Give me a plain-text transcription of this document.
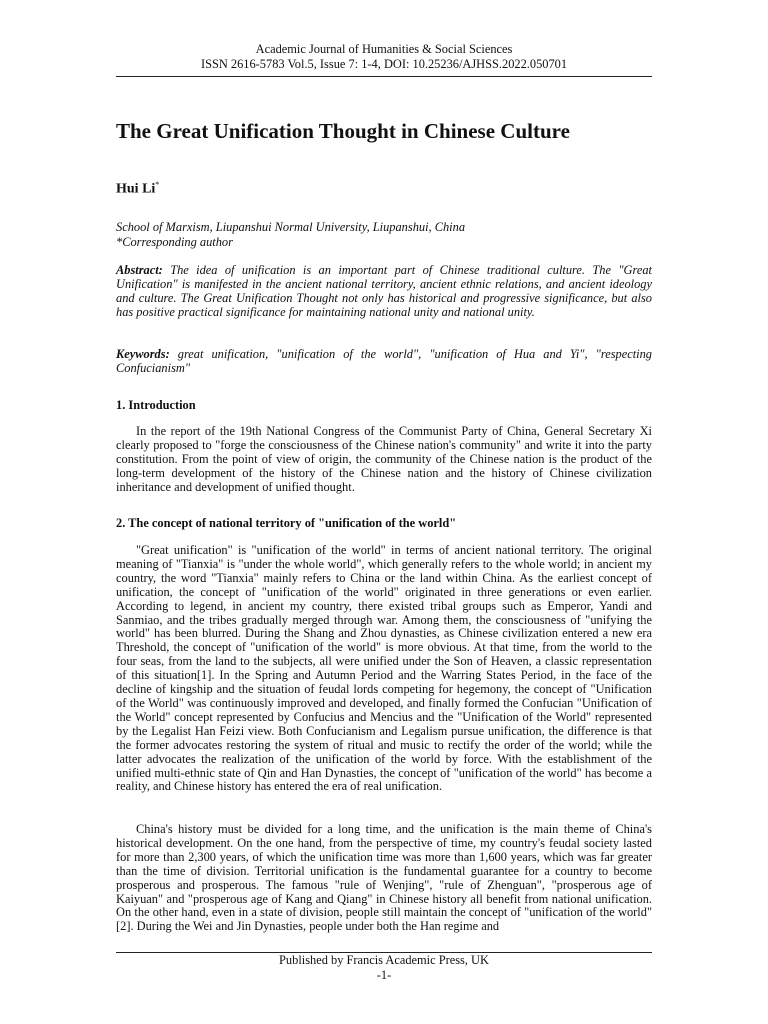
Academic Journal of Humanities & Social Sciences
ISSN 2616-5783 Vol.5, Issue 7: 1-4, DOI: 10.25236/AJHSS.2022.050701
The Great Unification Thought in Chinese Culture
Hui Li*
School of Marxism, Liupanshui Normal University, Liupanshui, China
*Corresponding author

Abstract: The idea of unification is an important part of Chinese traditional culture. The "Great Unification" is manifested in the ancient national territory, ancient ethnic relations, and ancient ideology and culture. The Great Unification Thought not only has historical and progressive significance, but also has positive practical significance for maintaining national unity and national unity.

Keywords: great unification, "unification of the world", "unification of Hua and Yi", "respecting Confucianism"

1. Introduction

In the report of the 19th National Congress of the Communist Party of China, General Secretary Xi clearly proposed to "forge the consciousness of the Chinese nation's community" and write it into the party constitution. From the point of view of origin, the community of the Chinese nation is the product of the long-term development of the history of the Chinese nation and the history of Chinese civilization inheritance and development of unified thought.

2. The concept of national territory of "unification of the world"

"Great unification" is "unification of the world" in terms of ancient national territory. The original meaning of "Tianxia" is "under the whole world", which generally refers to the whole world; in ancient my country, the word "Tianxia" mainly refers to China or the land within China. As the earliest concept of unification, the concept of "unification of the world" originated in three generations or even earlier. According to legend, in ancient my country, there existed tribal groups such as Emperor, Yandi and Sanmiao, and the tribes gradually merged through war. Among them, the consciousness of "unifying the world" has been blurred. During the Shang and Zhou dynasties, as Chinese civilization entered a new era Threshold, the concept of "unification of the world" is more obvious. At that time, from the world to the four seas, from the land to the subjects, all were unified under the Son of Heaven, a classic representation of this situation[1]. In the Spring and Autumn Period and the Warring States Period, in the face of the decline of kingship and the situation of feudal lords competing for hegemony, the concept of "Unification of the World" was continuously improved and developed, and finally formed the Confucian "Unification of the World" concept represented by Confucius and Mencius and the "Unification of the World" represented by the Legalist Han Feizi view. Both Confucianism and Legalism pursue unification, the difference is that the former advocates restoring the system of ritual and music to rectify the order of the world; while the latter advocates the realization of the unification of the world by force. With the establishment of the unified multi-ethnic state of Qin and Han Dynasties, the concept of "unification of the world" has become a reality, and Chinese history has entered the era of real unification.

China's history must be divided for a long time, and the unification is the main theme of China's historical development. On the one hand, from the perspective of time, my country's feudal society lasted for more than 2,300 years, of which the unification time was more than 1,600 years, which was far greater than the time of division. Territorial unification is the fundamental guarantee for a country to become prosperous and prosperous. The famous "rule of Wenjing", "rule of Zhenguan", "prosperous age of Kaiyuan" and "prosperous age of Kang and Qiang" in Chinese history all benefit from national unification. On the other hand, even in a state of division, people still maintain the concept of "unification of the world"[2]. During the Wei and Jin Dynasties, people under both the Han regime and

Published by Francis Academic Press, UK
-1-
